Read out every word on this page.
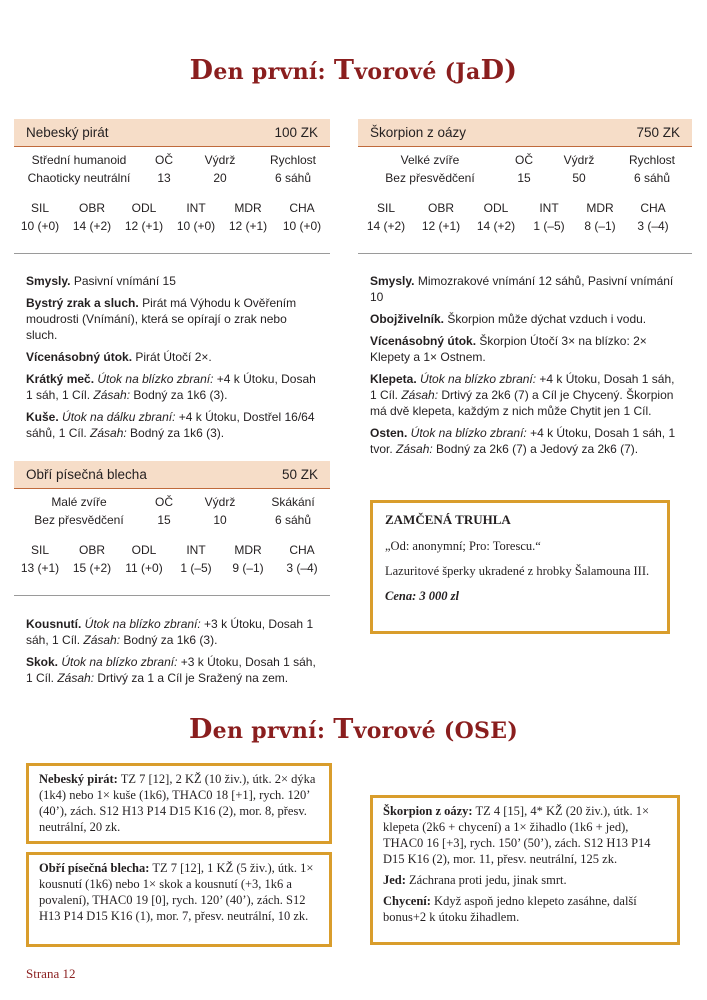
Den první: Tvorové (JaD)
Nebeský pirát	100 ZK
Střední humanoid	OČ	Výdrž	Rychlost
Chaoticky neutrální	13	20	6 sáhů
SIL	OBR	ODL	INT	MDR	CHA
10 (+0)	14 (+2)	12 (+1)	10 (+0)	12 (+1)	10 (+0)

Smysly. Pasivní vnímání 15

Bystrý zrak a sluch. Pirát má Výhodu k Ověřením moudrosti (Vnímání), která se opírají o zrak nebo sluch.

Vícenásobný útok. Pirát Útočí 2×.

Krátký meč. Útok na blízko zbraní: +4 k Útoku, Dosah 1 sáh, 1 Cíl. Zásah: Bodný za 1k6 (3).

Kuše. Útok na dálku zbraní: +4 k Útoku, Dostřel 16/64 sáhů, 1 Cíl. Zásah: Bodný za 1k6 (3).

Obří písečná blecha	50 ZK
Malé zvíře	OČ	Výdrž	Skákání
Bez přesvědčení	15	10	6 sáhů
SIL	OBR	ODL	INT	MDR	CHA
13 (+1)	15 (+2)	11 (+0)	1 (–5)	9 (–1)	3 (–4)

Kousnutí. Útok na blízko zbraní: +3 k Útoku, Dosah 1 sáh, 1 Cíl. Zásah: Bodný za 1k6 (3).

Skok. Útok na blízko zbraní: +3 k Útoku, Dosah 1 sáh, 1 Cíl. Zásah: Drtivý za 1 a Cíl je Sražený na zem.

Škorpion z oázy	750 ZK
Velké zvíře	OČ	Výdrž	Rychlost
Bez přesvědčení	15	50	6 sáhů
SIL	OBR	ODL	INT	MDR	CHA
14 (+2)	12 (+1)	14 (+2)	1 (–5)	8 (–1)	3 (–4)

Smysly. Mimozrakové vnímání 12 sáhů, Pasivní vnímání 10

Obojživelník. Škorpion může dýchat vzduch i vodu.

Vícenásobný útok. Škorpion Útočí 3× na blízko: 2× Klepety a 1× Ostnem.

Klepeta. Útok na blízko zbraní: +4 k Útoku, Dosah 1 sáh, 1 Cíl. Zásah: Drtivý za 2k6 (7) a Cíl je Chycený. Škorpion má dvě klepeta, každým z nich může Chytit jen 1 Cíl.

Osten. Útok na blízko zbraní: +4 k Útoku, Dosah 1 sáh, 1 tvor. Zásah: Bodný za 2k6 (7) a Jedový za 2k6 (7).

ZAMČENÁ TRUHLA

„Od: anonymní; Pro: Torescu.“

Lazuritové šperky ukradené z hrobky Šalamouna III.

Cena: 3 000 zl

Den první: Tvorové (OSE)

Nebeský pirát: TZ 7 [12], 2 KŽ (10 živ.), útk. 2× dýka (1k4) nebo 1× kuše (1k6), THAC0 18 [+1], rych. 120’ (40’), zách. S12 H13 P14 D15 K16 (2), mor. 8, přesv. neutrální, 20 zk.

Obří písečná blecha: TZ 7 [12], 1 KŽ (5 živ.), útk. 1× kousnutí (1k6) nebo 1× skok a kousnutí (+3, 1k6 a povalení), THAC0 19 [0], rych. 120’ (40’), zách. S12 H13 P14 D15 K16 (1), mor. 7, přesv. neutrální, 10 zk.

Škorpion z oázy: TZ 4 [15], 4* KŽ (20 živ.), útk. 1× klepeta (2k6 + chycení) a 1× žihadlo (1k6 + jed), THAC0 16 [+3], rych. 150’ (50’), zách. S12 H13 P14 D15 K16 (2), mor. 11, přesv. neutrální, 125 zk.

Jed: Záchrana proti jedu, jinak smrt.

Chycení: Když aspoň jedno klepeto zasáhne, další bonus+2 k útoku žihadlem.

Strana 12
